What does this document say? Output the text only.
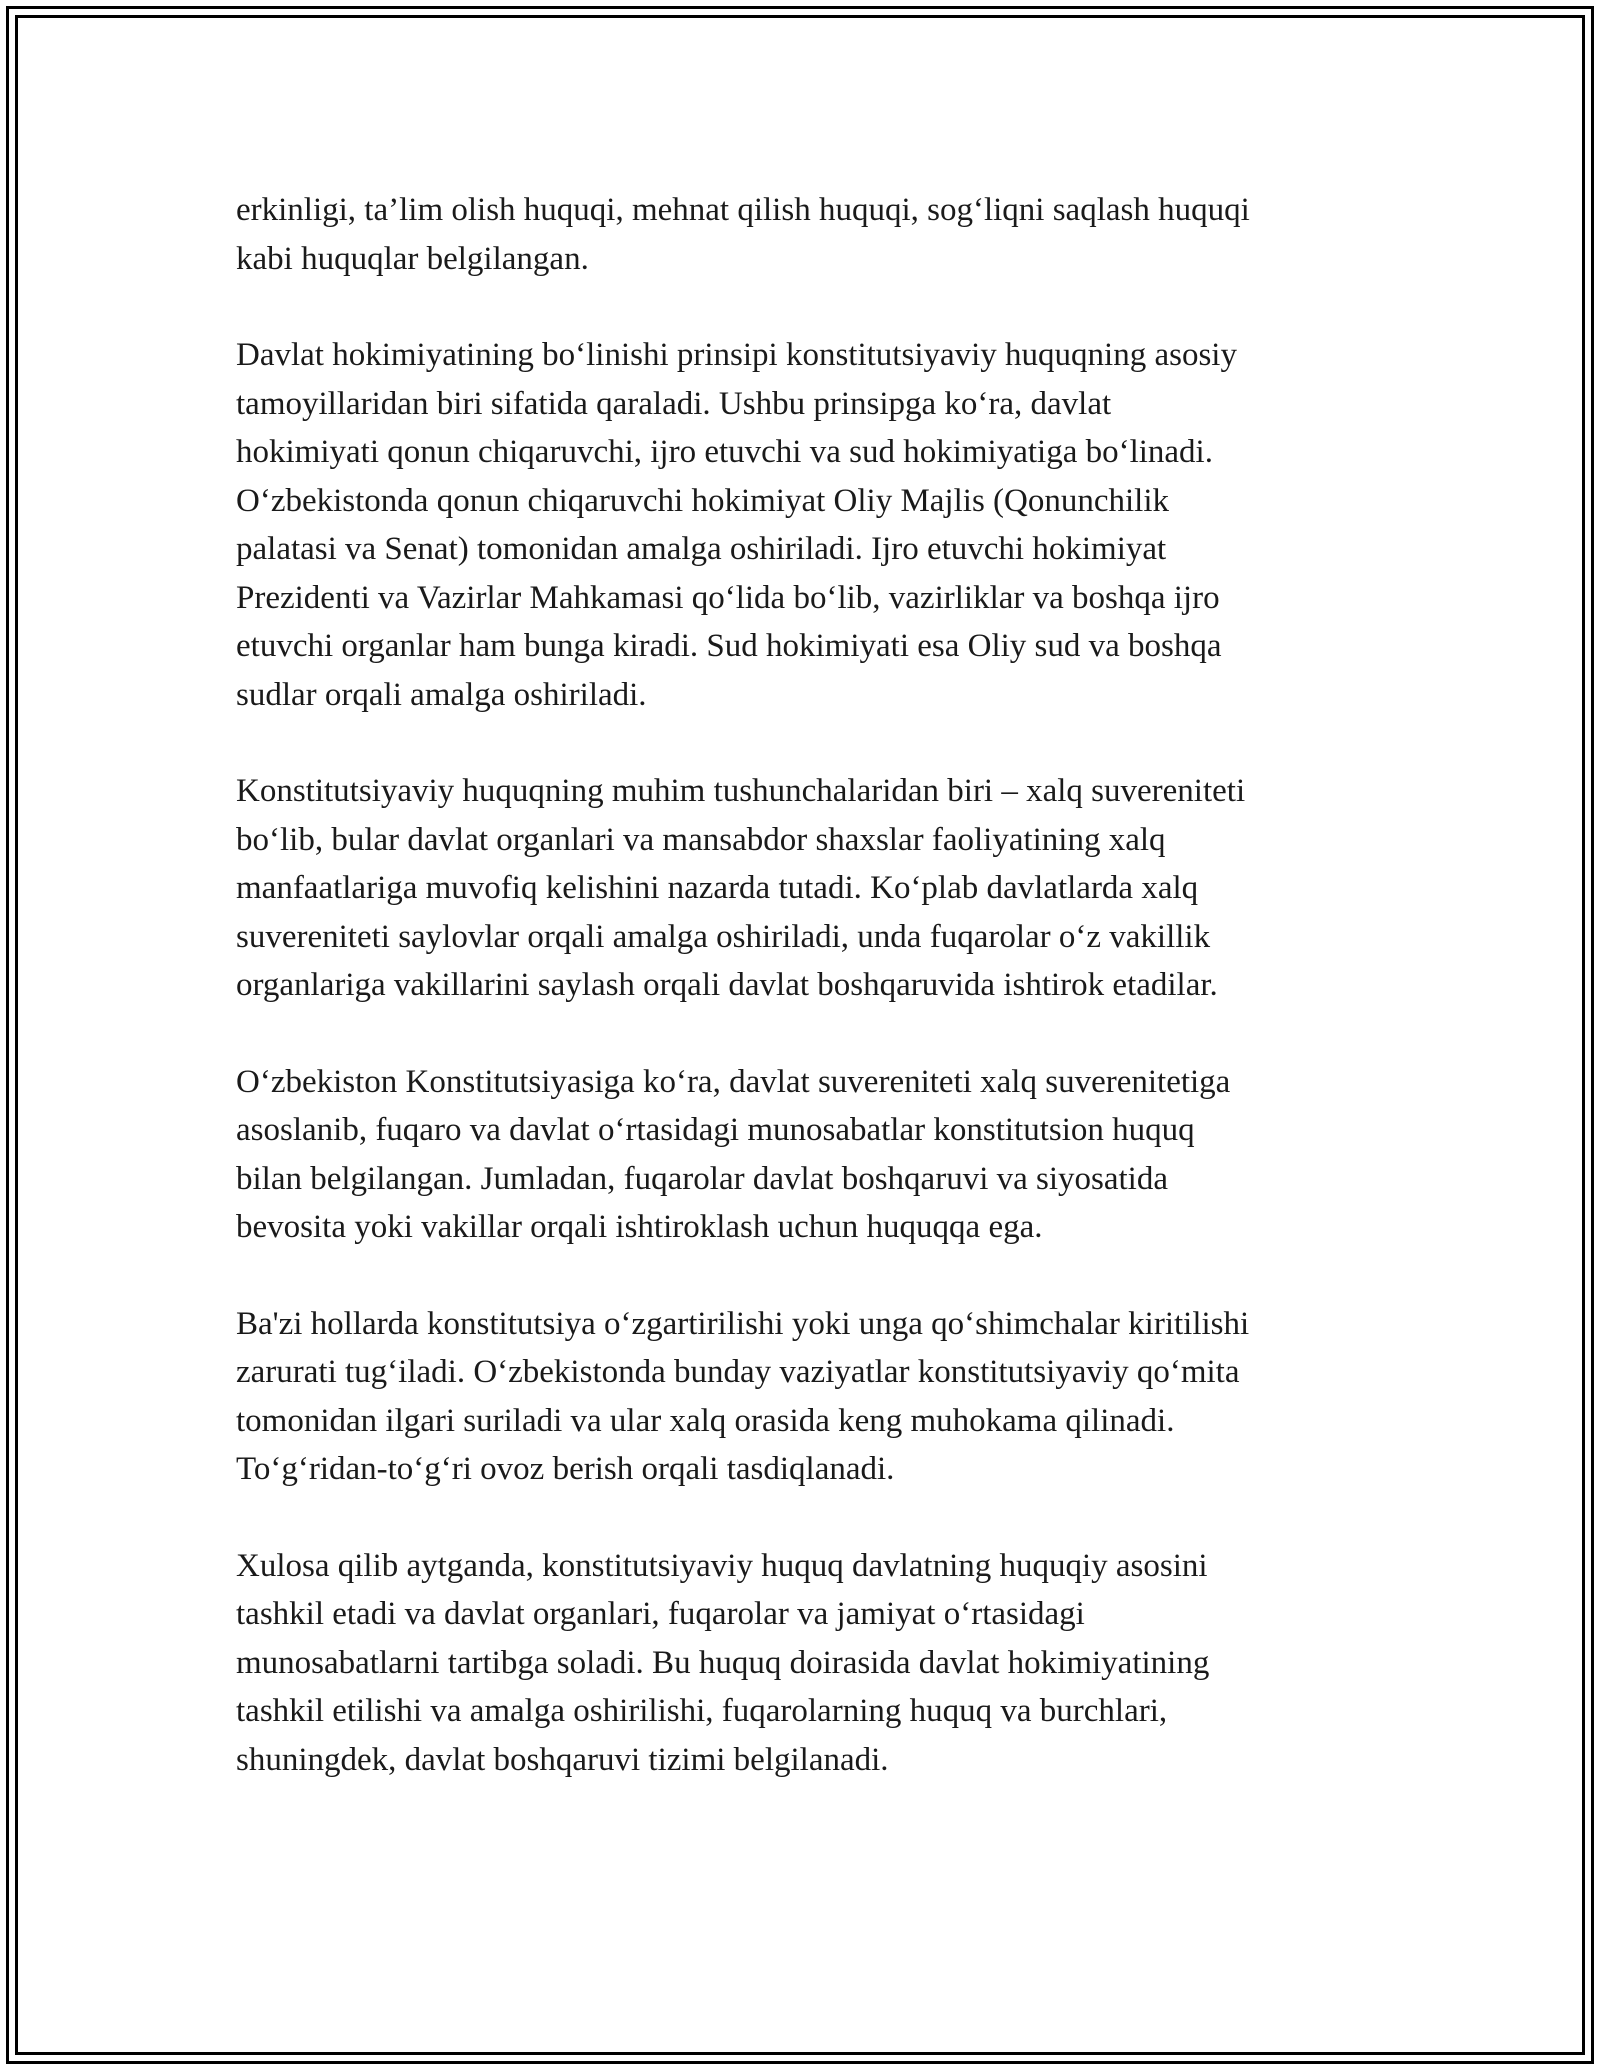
erkinligi, ta’lim olish huquqi, mehnat qilish huquqi, sog‘liqni saqlash huquqi
kabi huquqlar belgilangan.

Davlat hokimiyatining bo‘linishi prinsipi konstitutsiyaviy huquqning asosiy
tamoyillaridan biri sifatida qaraladi. Ushbu prinsipga ko‘ra, davlat
hokimiyati qonun chiqaruvchi, ijro etuvchi va sud hokimiyatiga bo‘linadi.
O‘zbekistonda qonun chiqaruvchi hokimiyat Oliy Majlis (Qonunchilik
palatasi va Senat) tomonidan amalga oshiriladi. Ijro etuvchi hokimiyat
Prezidenti va Vazirlar Mahkamasi qo‘lida bo‘lib, vazirliklar va boshqa ijro
etuvchi organlar ham bunga kiradi. Sud hokimiyati esa Oliy sud va boshqa
sudlar orqali amalga oshiriladi.

Konstitutsiyaviy huquqning muhim tushunchalaridan biri – xalq suvereniteti
bo‘lib, bular davlat organlari va mansabdor shaxslar faoliyatining xalq
manfaatlariga muvofiq kelishini nazarda tutadi. Ko‘plab davlatlarda xalq
suvereniteti saylovlar orqali amalga oshiriladi, unda fuqarolar o‘z vakillik
organlariga vakillarini saylash orqali davlat boshqaruvida ishtirok etadilar.

O‘zbekiston Konstitutsiyasiga ko‘ra, davlat suvereniteti xalq suverenitetiga
asoslanib, fuqaro va davlat o‘rtasidagi munosabatlar konstitutsion huquq
bilan belgilangan. Jumladan, fuqarolar davlat boshqaruvi va siyosatida
bevosita yoki vakillar orqali ishtiroklash uchun huquqqa ega.

Ba'zi hollarda konstitutsiya o‘zgartirilishi yoki unga qo‘shimchalar kiritilishi
zarurati tug‘iladi. O‘zbekistonda bunday vaziyatlar konstitutsiyaviy qo‘mita
tomonidan ilgari suriladi va ular xalq orasida keng muhokama qilinadi.
To‘g‘ridan-to‘g‘ri ovoz berish orqali tasdiqlanadi.

Xulosa qilib aytganda, konstitutsiyaviy huquq davlatning huquqiy asosini
tashkil etadi va davlat organlari, fuqarolar va jamiyat o‘rtasidagi
munosabatlarni tartibga soladi. Bu huquq doirasida davlat hokimiyatining
tashkil etilishi va amalga oshirilishi, fuqarolarning huquq va burchlari,
shuningdek, davlat boshqaruvi tizimi belgilanadi.
